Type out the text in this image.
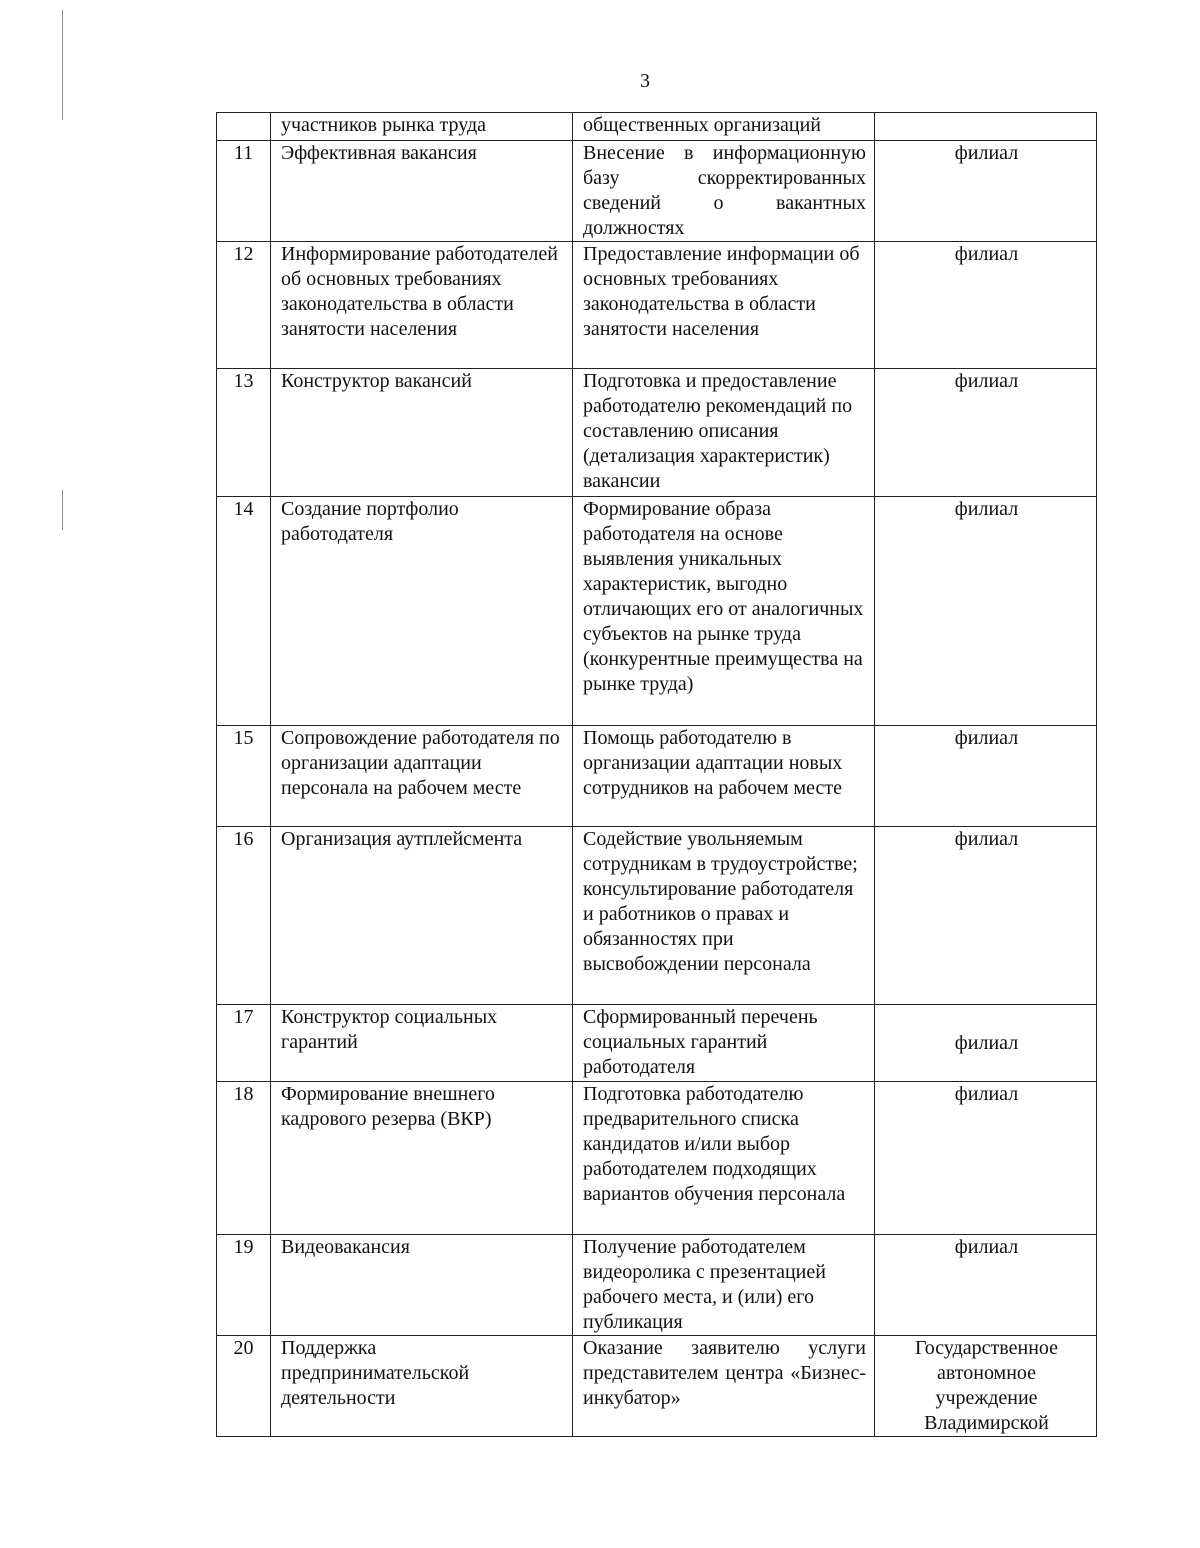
3
	участников рынка труда	общественных организаций	
11	Эффективная вакансия	Внесение в информационную базу скорректированных сведений о вакантных должностях	филиал
12	Информирование работодателей об основных требованиях законодательства в области занятости населения	Предоставление информации об основных требованиях законодательства в области занятости населения	филиал
13	Конструктор вакансий	Подготовка и предоставление работодателю рекомендаций по составлению описания (детализация характеристик) вакансии	филиал
14	Создание портфолио работодателя	Формирование образа работодателя на основе выявления уникальных характеристик, выгодно отличающих его от аналогичных субъектов на рынке труда (конкурентные преимущества на рынке труда)	филиал
15	Сопровождение работодателя по организации адаптации персонала на рабочем месте	Помощь работодателю в организации адаптации новых сотрудников на рабочем месте	филиал
16	Организация аутплейсмента	Содействие увольняемым сотрудникам в трудоустройстве; консультирование работодателя и работников о правах и обязанностях при высвобождении персонала	филиал
17	Конструктор социальных гарантий	Сформированный перечень социальных гарантий работодателя	филиал
18	Формирование внешнего кадрового резерва (ВКР)	Подготовка работодателю предварительного списка кандидатов и/или выбор работодателем подходящих вариантов обучения персонала	филиал
19	Видеовакансия	Получение работодателем видеоролика с презентацией рабочего места, и (или) его публикация	филиал
20	Поддержка предпринимательской деятельности	Оказание заявителю услуги представителем центра «Бизнес-инкубатор»	Государственное автономное учреждение Владимирской
